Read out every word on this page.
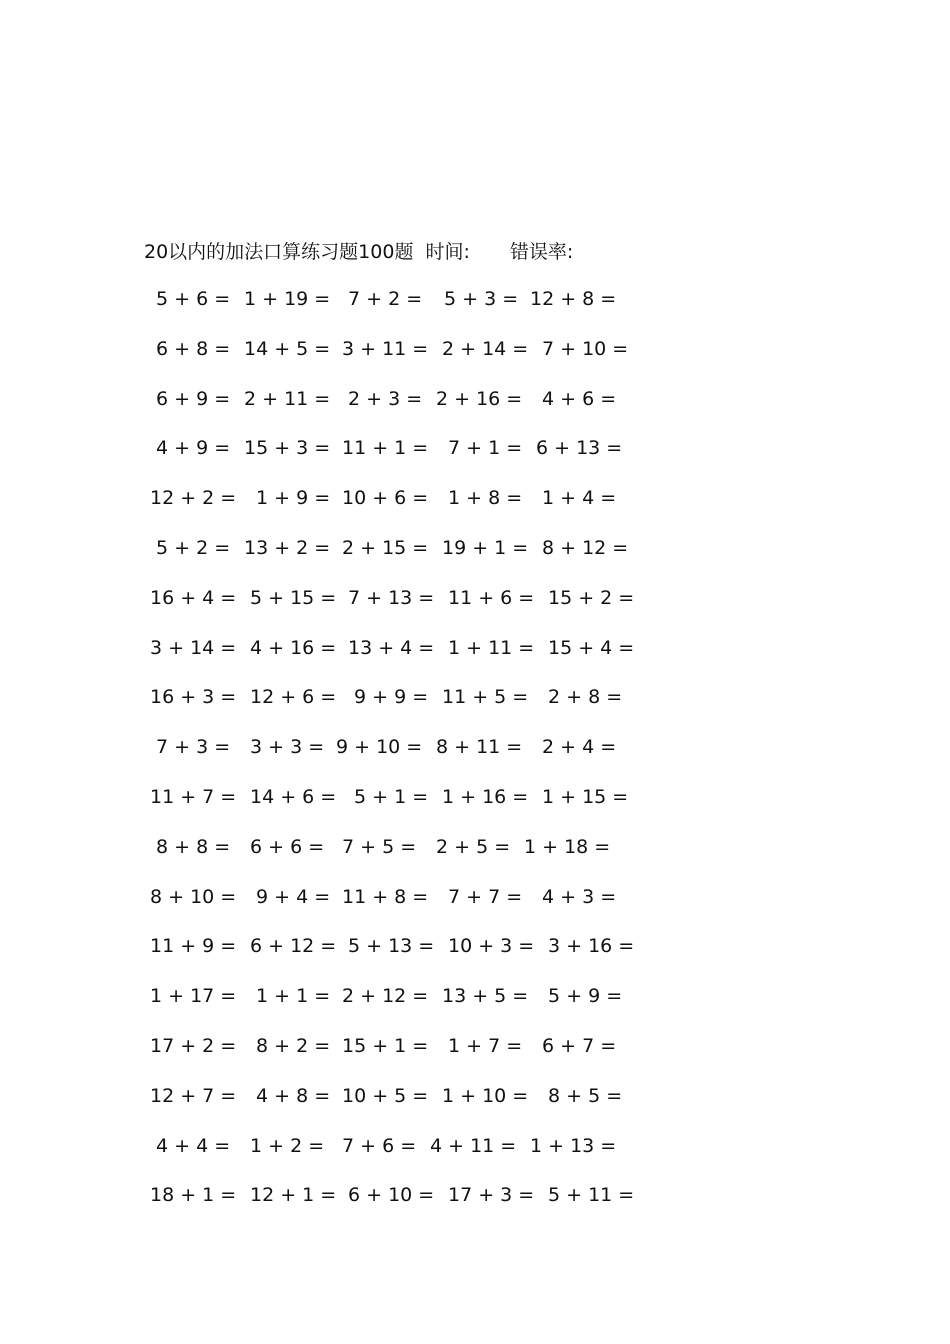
20以内的加法口算练习题100题 时间: 错误率:
5 + 6 = 1 + 19 = 7 + 2 = 5 + 3 = 12 + 8 =
6 + 8 = 14 + 5 = 3 + 11 = 2 + 14 = 7 + 10 =
6 + 9 = 2 + 11 = 2 + 3 = 2 + 16 = 4 + 6 =
4 + 9 = 15 + 3 = 11 + 1 = 7 + 1 = 6 + 13 =
12 + 2 = 1 + 9 = 10 + 6 = 1 + 8 = 1 + 4 =
5 + 2 = 13 + 2 = 2 + 15 = 19 + 1 = 8 + 12 =
16 + 4 = 5 + 15 = 7 + 13 = 11 + 6 = 15 + 2 =
3 + 14 = 4 + 16 = 13 + 4 = 1 + 11 = 15 + 4 =
16 + 3 = 12 + 6 = 9 + 9 = 11 + 5 = 2 + 8 =
7 + 3 = 3 + 3 = 9 + 10 = 8 + 11 = 2 + 4 =
11 + 7 = 14 + 6 = 5 + 1 = 1 + 16 = 1 + 15 =
8 + 8 = 6 + 6 = 7 + 5 = 2 + 5 = 1 + 18 =
8 + 10 = 9 + 4 = 11 + 8 = 7 + 7 = 4 + 3 =
11 + 9 = 6 + 12 = 5 + 13 = 10 + 3 = 3 + 16 =
1 + 17 = 1 + 1 = 2 + 12 = 13 + 5 = 5 + 9 =
17 + 2 = 8 + 2 = 15 + 1 = 1 + 7 = 6 + 7 =
12 + 7 = 4 + 8 = 10 + 5 = 1 + 10 = 8 + 5 =
4 + 4 = 1 + 2 = 7 + 6 = 4 + 11 = 1 + 13 =
18 + 1 = 12 + 1 = 6 + 10 = 17 + 3 = 5 + 11 =
